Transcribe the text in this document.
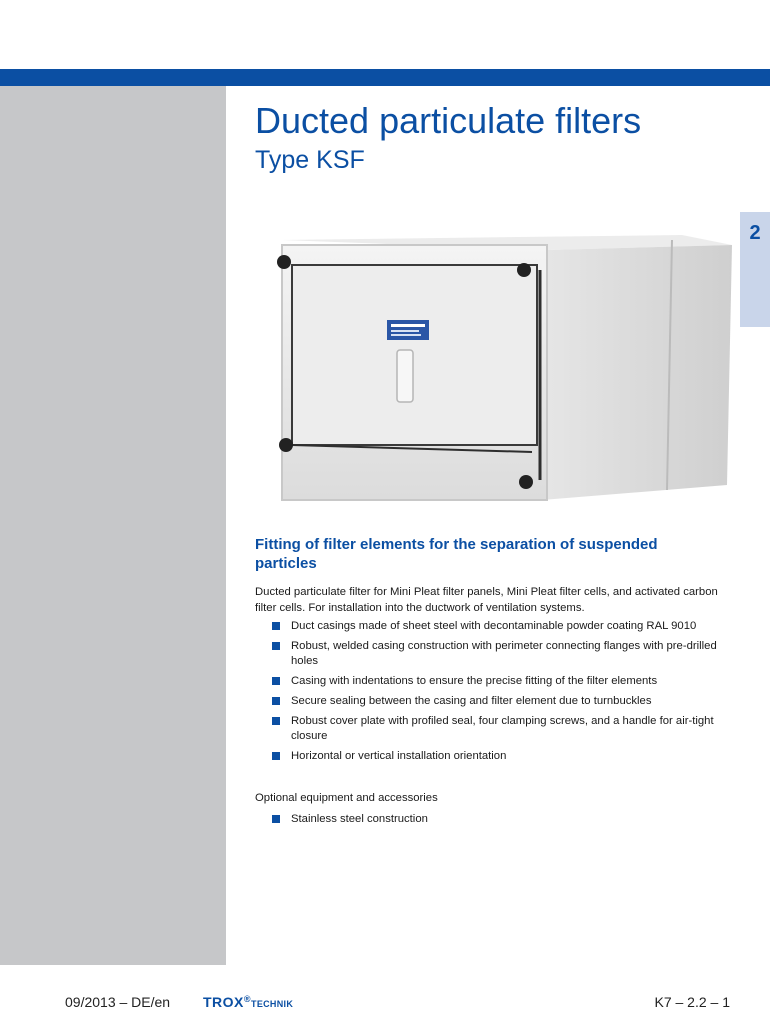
2
Ducted particulate filters
Type KSF
Fitting of filter elements for the separation of suspended particles

Ducted particulate filter for Mini Pleat filter panels, Mini Pleat filter cells, and activated carbon filter cells. For installation into the ductwork of ventilation systems.

Duct casings made of sheet steel with decontaminable powder coating RAL 9010
Robust, welded casing construction with perimeter connecting flanges with pre-drilled holes
Casing with indentations to ensure the precise fitting of the filter elements
Secure sealing between the casing and filter element due to turnbuckles
Robust cover plate with profiled seal, four clamping screws, and a handle for air-tight closure
Horizontal or vertical installation orientation

Optional equipment and accessories

Stainless steel construction
09/2013 – DE/en TROX®TECHNIK	K7 – 2.2 – 1
